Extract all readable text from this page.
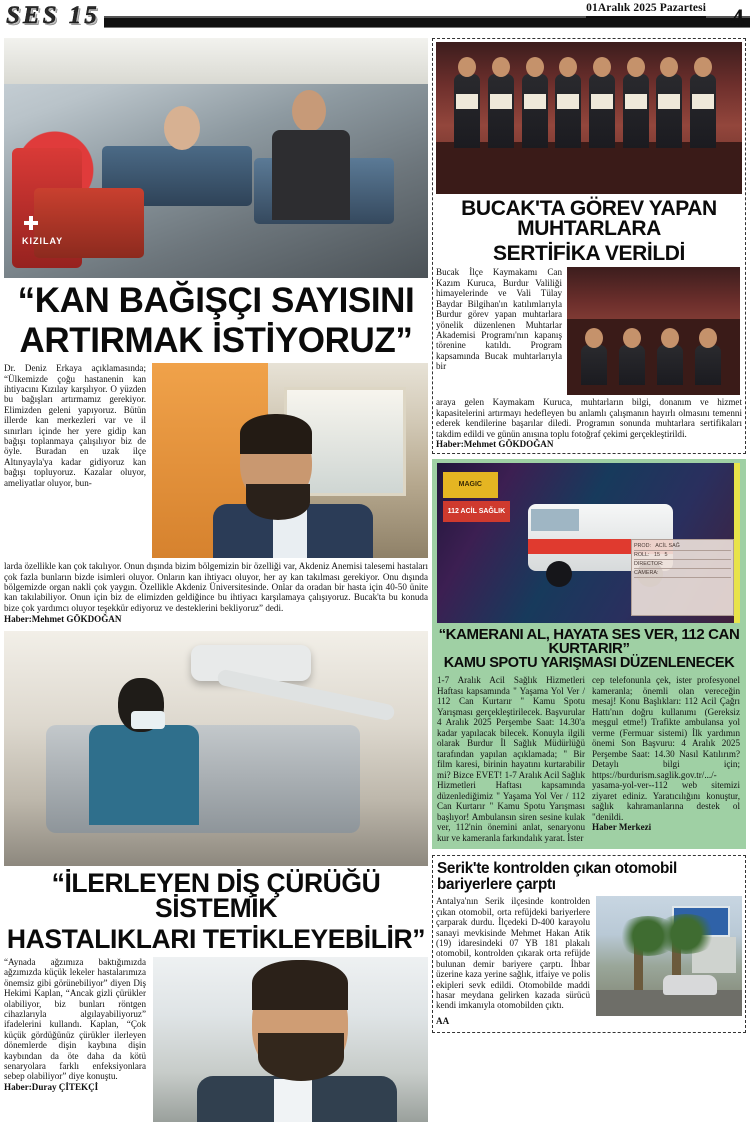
SES 15	01Aralık 2025 Pazartesi 4
KIZILAY
“KAN BAĞIŞÇI SAYISINI
ARTIRMAK İSTİYORUZ”
Dr. Deniz Erkaya açıklamasında; “Ülkemizde çoğu hastanenin kan ihtiyacını Kızılay karşılıyor. O yüzden bu bağışları artırmamız gerekiyor. Elimizden geleni yapıyoruz. Bütün illerde kan merkezleri var ve il sınırları içinde her yere gidip kan bağışı toplanmaya çalışılıyor biz de öyle. Buradan en uzak ilçe Altınyayla'ya kadar gidiyoruz kan bağışı topluyoruz. Kazalar oluyor, ameliyatlar oluyor, bun-
larda özellikle kan çok takılıyor. Onun dışında bizim bölgemizin bir özelliği var, Akdeniz Anemisi talesemi hastaları çok fazla bunların bizde isimleri oluyor. Onların kan ihtiyacı oluyor, her ay kan takılması gerekiyor. Onu dışında bölgemizde organ nakli çok yaygın. Özellikle Akdeniz Üniversitesinde. Onlar da oradan bir hasta için 40-50 ünite kan takılabiliyor. Onun için biz de elimizden geldiğince bu ihtiyacı karşılamaya çalışıyoruz. Bucak'ta bu konuda bize çok yardımcı oluyor teşekkür ediyoruz ve desteklerini bekliyoruz” dedi.
Haber:Mehmet GÖKDOĞAN
“İLERLEYEN DİŞ ÇÜRÜĞÜ SİSTEMİK
HASTALIKLARI TETİKLEYEBİLİR”
“Aynada ağzımıza baktığımızda ağzımızda küçük lekeler hastalarımıza önemsiz gibi görünebiliyor” diyen Diş Hekimi Kaplan, “Ancak gizli çürükler olabiliyor, biz bunları röntgen cihazlarıyla algılayabiliyoruz” ifadelerini kullandı. Kaplan, “Çok küçük gördüğünüz çürükler ilerleyen dönemlerde dişin kaybına dişin kaybından da öte daha da kötü senaryolara farklı enfeksiyonlara sebep olabiliyor” diye konuştu.
Haber:Duray ÇİTEKÇİ
BUCAK'TA GÖREV YAPAN MUHTARLARA
SERTİFİKA VERİLDİ
Bucak İlçe Kaymakamı Can Kazım Kuruca, Burdur Valiliği himayelerinde ve Vali Tülay Baydar Bilgihan'ın katılımlarıyla Burdur görev yapan muhtarlara yönelik düzenlenen Muhtarlar Akademisi Programı'nın kapanış törenine katıldı. Program kapsamında Bucak muhtarlarıyla bir
araya gelen Kaymakam Kuruca, muhtarların bilgi, donanım ve hizmet kapasitelerini artırmayı hedefleyen bu anlamlı çalışmanın hayırlı olmasını temenni ederek kendilerine başarılar diledi. Programın sonunda muhtarlara sertifikaları takdim edildi ve günün anısına toplu fotoğraf çekimi gerçekleştirildi.
Haber:Mehmet GÖKDOĞAN
MAGIC
112 ACİL SAĞLIK
PROD:   ACİL SAĞ
ROLL:   15   5
DIRECTOR:
CAMERA:
“KAMERANI AL, HAYATA SES VER, 112 CAN KURTARIR”
KAMU SPOTU YARIŞMASI DÜZENLENECEK
1-7 Aralık Acil Sağlık Hizmetleri Haftası kapsamında " Yaşama Yol Ver / 112 Can Kurtarır " Kamu Spotu Yarışması gerçekleştirilecek. Başvurular 4 Aralık 2025 Perşembe Saat: 14.30'a kadar yapılacak bilecek. Konuyla ilgili olarak Burdur İl Sağlık Müdürlüğü tarafından yapılan açıklamada; " Bir film karesi, birinin hayatını kurtarabilir mi? Bizce EVET! 1-7 Aralık Acil Sağlık Hizmetleri Haftası kapsamında düzenlediğimiz " Yaşama Yol Ver / 112 Can Kurtarır " Kamu Spotu Yarışması başlıyor! Ambulansın siren sesine kulak ver, 112'nin önemini anlat, senaryonu kur ve kameranla farkındalık yarat. İster
cep telefonunla çek, ister profesyonel kameranla; önemli olan vereceğin mesaj! Konu Başlıkları: 112 Acil Çağrı Hattı'nın doğru kullanımı (Gereksiz meşgul etme!) Trafikte ambulansa yol verme (Fermuar sistemi) İlk yardımın önemi Son Başvuru: 4 Aralık 2025 Perşembe Saat: 14.30 Nasıl Katılırım? Detaylı bilgi için; https://burdurism.saglik.gov.tr/.../-yasama-yol-ver--112 web sitemizi ziyaret ediniz. Yaratıcılığını konuştur, sağlık kahramanlarına destek ol "denildi.
Haber Merkezi
Serik'te kontrolden çıkan otomobil bariyerlere çarptı
Antalya'nın Serik ilçesinde kontrolden çıkan otomobil, orta refüjdeki bariyerlere çarparak durdu. İlçedeki D-400 karayolu sanayi mevkisinde Mehmet Hakan Atik (19) idaresindeki 07 YB 181 plakalı otomobil, kontrolden çıkarak orta refüjde bulunan demir bariyere çarptı. İhbar üzerine kaza yerine sağlık, itfaiye ve polis ekipleri sevk edildi. Otomobilde maddi hasar meydana gelirken kazada sürücü kendi imkanıyla otomobilden çıktı.
AA
